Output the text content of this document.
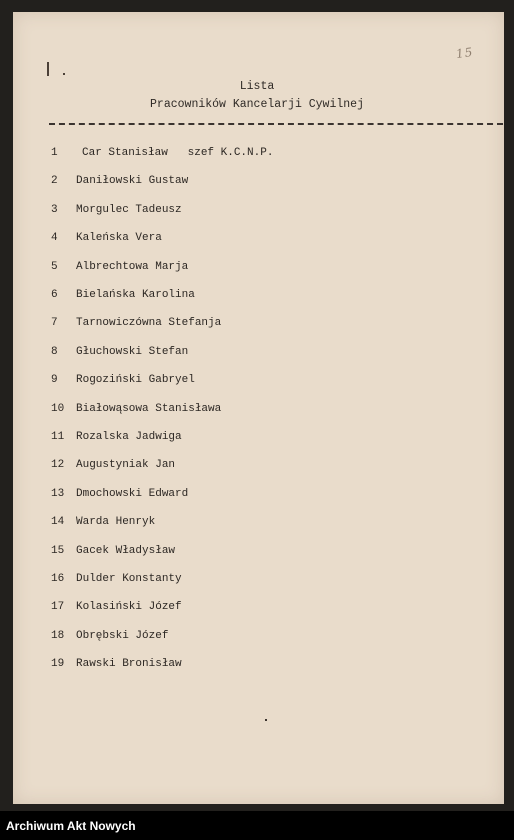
15
Lista
Pracowników Kancelarji Cywilnej
1	Car Stanisław   szef K.C.N.P.
2	Daniłowski Gustaw
3	Morgulec Tadeusz
4	Kaleńska Vera
5	Albrechtowa Marja
6	Bielańska Karolina
7	Tarnowiczówna Stefanja
8	Głuchowski Stefan
9	Rogoziński Gabryel
10	Białowąsowa Stanisława
11	Rozalska Jadwiga
12	Augustyniak Jan
13	Dmochowski Edward
14	Warda Henryk
15	Gacek Władysław
16	Dulder Konstanty
17	Kolasiński Józef
18	Obrębski Józef
19	Rawski Bronisław
Archiwum Akt Nowych
